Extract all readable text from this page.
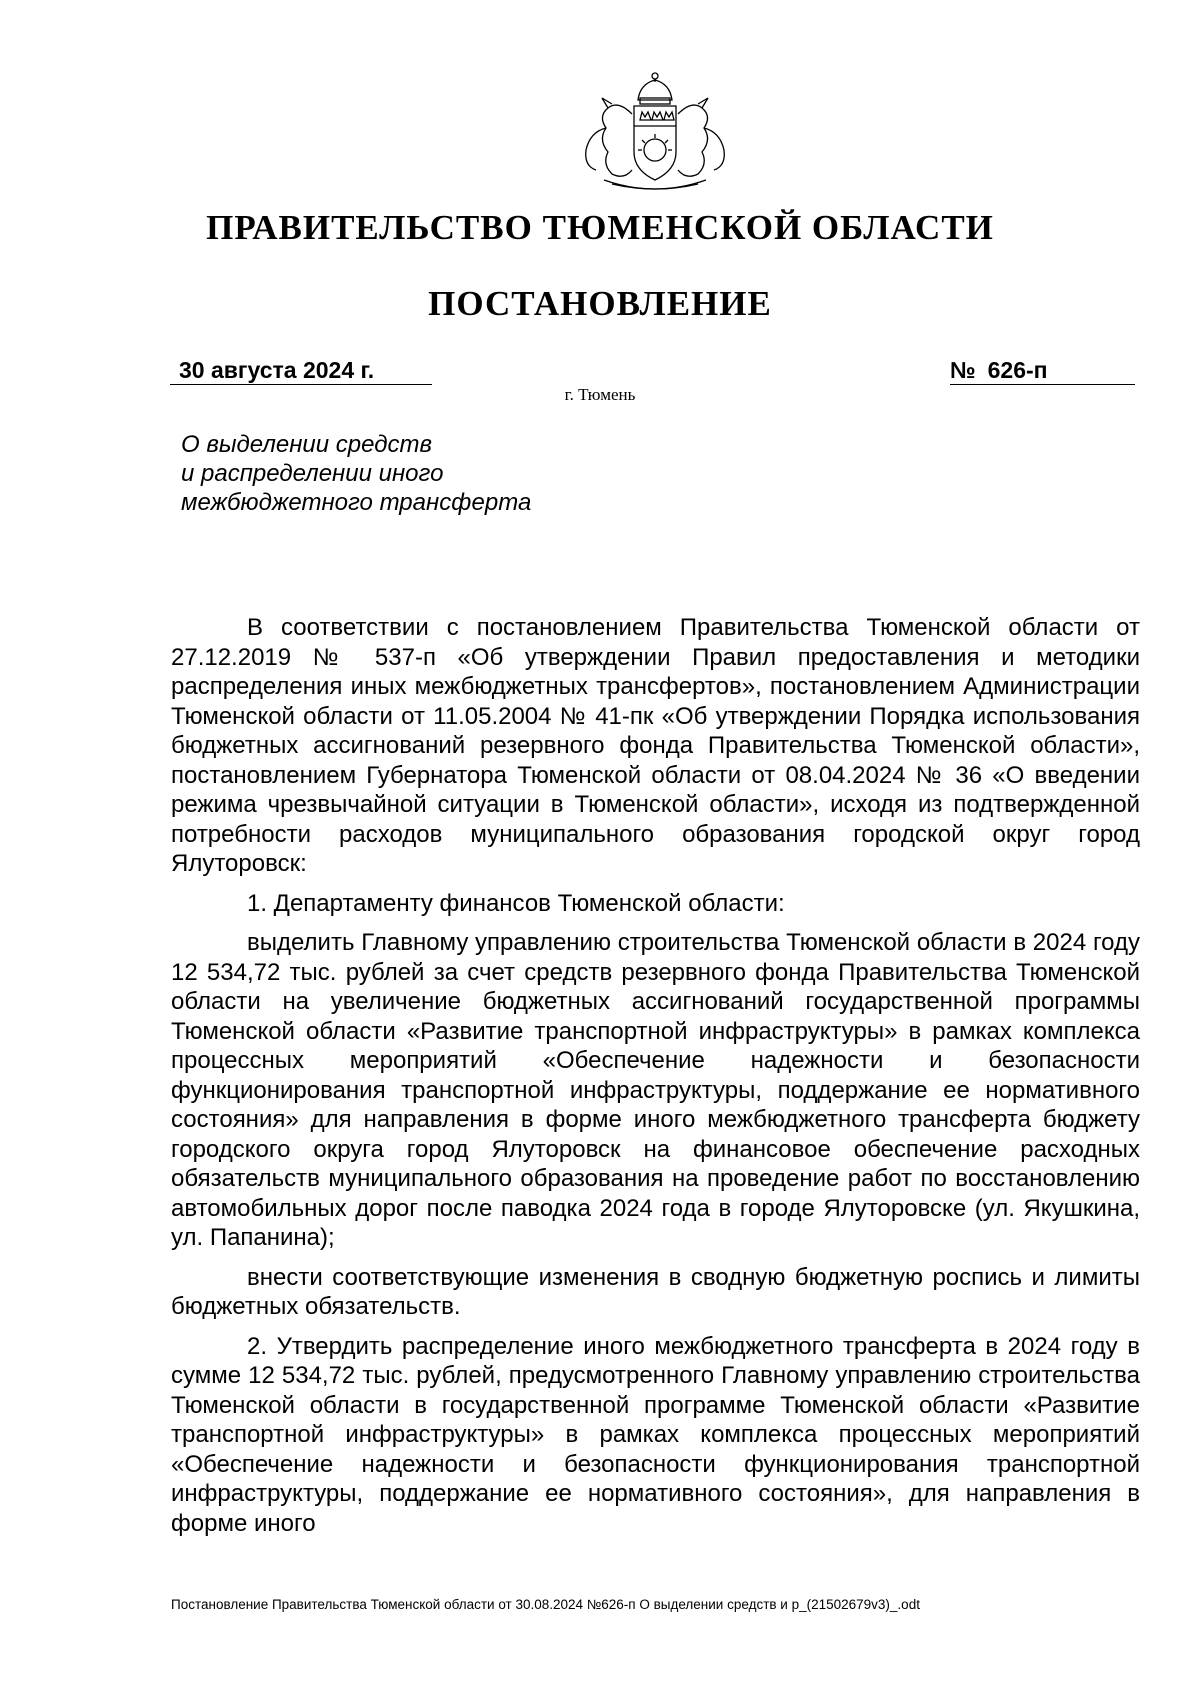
ПРАВИТЕЛЬСТВО ТЮМЕНСКОЙ ОБЛАСТИ
ПОСТАНОВЛЕНИЕ
30 августа 2024 г.	№ 626-п
г. Тюмень
О выделении средств
и распределении иного
межбюджетного трансферта

В соответствии с постановлением Правительства Тюменской области от 27.12.2019 № 537-п «Об утверждении Правил предоставления и методики распределения иных межбюджетных трансфертов», постановлением Администрации Тюменской области от 11.05.2004 № 41-пк «Об утверждении Порядка использования бюджетных ассигнований резервного фонда Правительства Тюменской области», постановлением Губернатора Тюменской области от 08.04.2024 № 36 «О введении режима чрезвычайной ситуации в Тюменской области», исходя из подтвержденной потребности расходов муниципального образования городской округ город Ялуторовск:

1. Департаменту финансов Тюменской области:

выделить Главному управлению строительства Тюменской области в 2024 году 12 534,72 тыс. рублей за счет средств резервного фонда Правительства Тюменской области на увеличение бюджетных ассигнований государственной программы Тюменской области «Развитие транспортной инфраструктуры» в рамках комплекса процессных мероприятий «Обеспечение надежности и безопасности функционирования транспортной инфраструктуры, поддержание ее нормативного состояния» для направления в форме иного межбюджетного трансферта бюджету городского округа город Ялуторовск на финансовое обеспечение расходных обязательств муниципального образования на проведение работ по восстановлению автомобильных дорог после паводка 2024 года в городе Ялуторовске (ул. Якушкина, ул. Папанина);

внести соответствующие изменения в сводную бюджетную роспись и лимиты бюджетных обязательств.

2. Утвердить распределение иного межбюджетного трансферта в 2024 году в сумме 12 534,72 тыс. рублей, предусмотренного Главному управлению строительства Тюменской области в государственной программе Тюменской области «Развитие транспортной инфраструктуры» в рамках комплекса процессных мероприятий «Обеспечение надежности и безопасности функционирования транспортной инфраструктуры, поддержание ее нормативного состояния», для направления в форме иного

Постановление Правительства Тюменской области от 30.08.2024 №626-п О выделении средств и р_(21502679v3)_.odt
